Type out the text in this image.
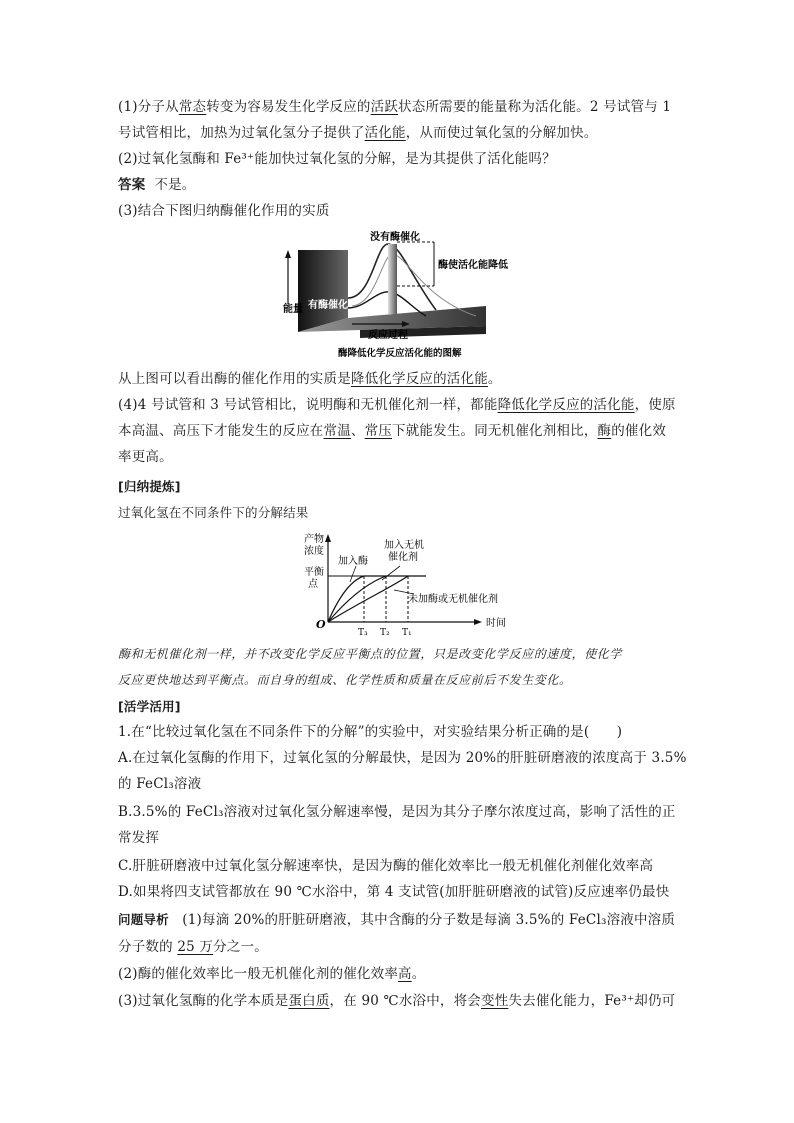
(1)分子从常态转变为容易发生化学反应的活跃状态所需要的能量称为活化能。2 号试管与 1
号试管相比，加热为过氧化氢分子提供了活化能，从而使过氧化氢的分解加快。
(2)过氧化氢酶和 Fe³⁺能加快过氧化氢的分解，是为其提供了活化能吗？
答案 不是。
(3)结合下图归纳酶催化作用的实质
没有酶催化
酶使活化能降低
能量 有酶催化
反应过程
酶降低化学反应活化能的图解
从上图可以看出酶的催化作用的实质是降低化学反应的活化能。
(4)4 号试管和 3 号试管相比，说明酶和无机催化剂一样，都能降低化学反应的活化能，使原
本高温、高压下才能发生的反应在常温、常压下就能发生。同无机催化剂相比，酶的催化效
率更高。
[归纳提炼]
过氧化氢在不同条件下的分解结果
产物
浓度
平衡
点
O	时间
加入酶
加入无机
催化剂
未加酶或无机催化剂
T₃ T₂ T₁
酶和无机催化剂一样，并不改变化学反应平衡点的位置，只是改变化学反应的速度，使化学
反应更快地达到平衡点。而自身的组成、化学性质和质量在反应前后不发生变化。
[活学活用]
1.在“比较过氧化氢在不同条件下的分解”的实验中，对实验结果分析正确的是(　　)
A.在过氧化氢酶的作用下，过氧化氢的分解最快，是因为 20%的肝脏研磨液的浓度高于 3.5%
的 FeCl₃溶液
B.3.5%的 FeCl₃溶液对过氧化氢分解速率慢，是因为其分子摩尔浓度过高，影响了活性的正
常发挥
C.肝脏研磨液中过氧化氢分解速率快，是因为酶的催化效率比一般无机催化剂催化效率高
D.如果将四支试管都放在 90 ℃水浴中，第 4 支试管(加肝脏研磨液的试管)反应速率仍最快
问题导析 (1)每滴 20%的肝脏研磨液，其中含酶的分子数是每滴 3.5%的 FeCl₃溶液中溶质
分子数的 25 万分之一。
(2)酶的催化效率比一般无机催化剂的催化效率高。
(3)过氧化氢酶的化学本质是蛋白质，在 90 ℃水浴中，将会变性失去催化能力，Fe³⁺却仍可
